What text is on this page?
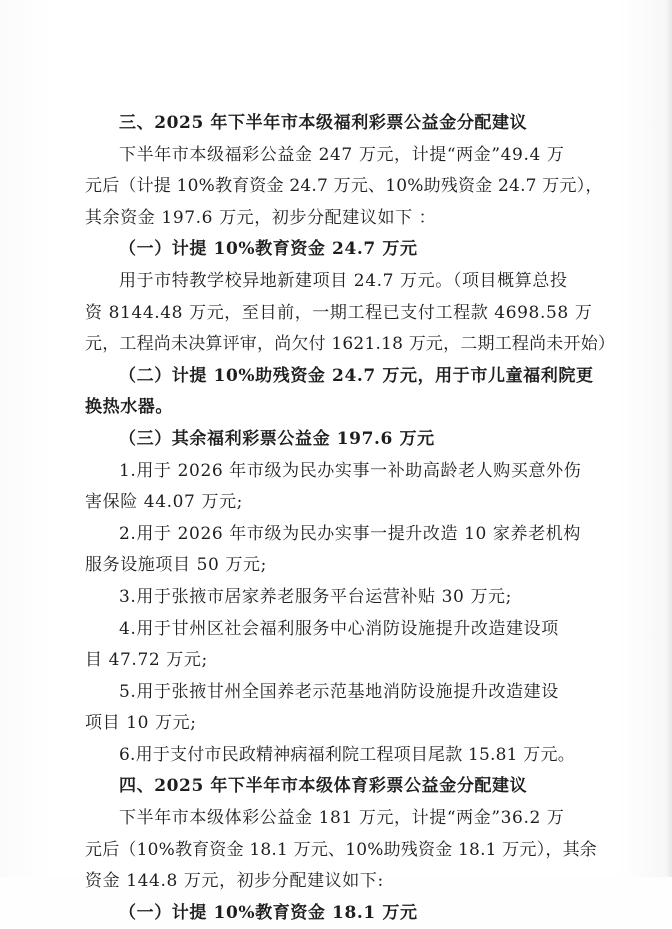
三、2025 年下半年市本级福利彩票公益金分配建议
下半年市本级福彩公益金 247 万元，计提“两金”49.4 万
元后（计提 10%教育资金 24.7 万元、10%助残资金 24.7 万元），
其余资金 197.6 万元，初步分配建议如下 ：
（一）计提 10%教育资金 24.7 万元
用于市特教学校异地新建项目 24.7 万元。（项目概算总投
资 8144.48 万元，至目前，一期工程已支付工程款 4698.58 万
元，工程尚未决算评审，尚欠付 1621.18 万元，二期工程尚未开始）
（二）计提 10%助残资金 24.7 万元，用于市儿童福利院更
换热水器。
（三）其余福利彩票公益金 197.6 万元
1.用于 2026 年市级为民办实事一补助高龄老人购买意外伤
害保险 44.07 万元;
2.用于 2026 年市级为民办实事一提升改造 10 家养老机构
服务设施项目 50 万元;
3.用于张掖市居家养老服务平台运营补贴 30 万元;
4.用于甘州区社会福利服务中心消防设施提升改造建设项
目 47.72 万元;
5.用于张掖甘州全国养老示范基地消防设施提升改造建设
项目 10 万元;
6.用于支付市民政精神病福利院工程项目尾款 15.81 万元。
四、2025 年下半年市本级体育彩票公益金分配建议
下半年市本级体彩公益金 181 万元，计提“两金”36.2 万
元后（10%教育资金 18.1 万元、10%助残资金 18.1 万元），其余
资金 144.8 万元，初步分配建议如下:
（一）计提 10%教育资金 18.1 万元
